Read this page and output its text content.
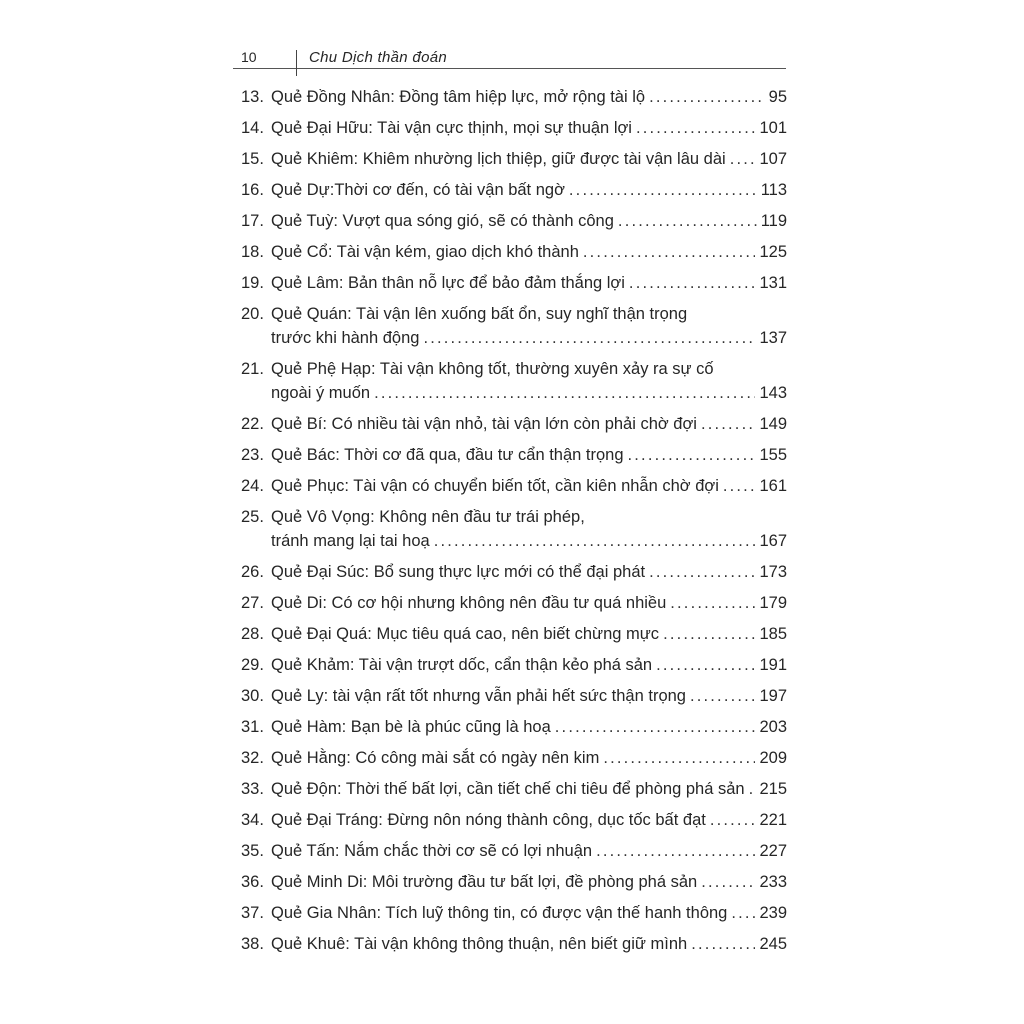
10	Chu Dịch thần đoán
13. Quẻ Đồng Nhân: Đồng tâm hiệp lực, mở rộng tài lộ . . .	95
14. Quẻ Đại Hữu: Tài vận cực thịnh, mọi sự thuận lợi . . .	101
15. Quẻ Khiêm: Khiêm nhường lịch thiệp, giữ được tài vận lâu dài . . . 107
16. Quẻ Dự:Thời cơ đến, có tài vận bất ngờ . . .	113
17. Quẻ Tuỳ: Vượt qua sóng gió, sẽ có thành công . . .	119
18. Quẻ Cổ: Tài vận kém, giao dịch khó thành . . .	125
19. Quẻ Lâm: Bản thân nỗ lực để bảo đảm thắng lợi . . .	131
20. Quẻ Quán: Tài vận lên xuống bất ổn, suy nghĩ thận trọng
trước khi hành động . . .	137
21. Quẻ Phệ Hạp: Tài vận không tốt, thường xuyên xảy ra sự cố
ngoài ý muốn . . .	143
22. Quẻ Bí: Có nhiều tài vận nhỏ, tài vận lớn còn phải chờ đợi . . .	149
23. Quẻ Bác: Thời cơ đã qua, đầu tư cẩn thận trọng . . .	155
24. Quẻ Phục: Tài vận có chuyển biến tốt, cần kiên nhẫn chờ đợi . . . 161
25. Quẻ Vô Vọng: Không nên đầu tư trái phép,
tránh mang lại tai hoạ . . .	167
26. Quẻ Đại Súc: Bổ sung thực lực mới có thể đại phát . . .	173
27. Quẻ Di: Có cơ hội nhưng không nên đầu tư quá nhiều . . .	179
28. Quẻ Đại Quá: Mục tiêu quá cao, nên biết chừng mực . . .	185
29. Quẻ Khảm: Tài vận trượt dốc, cẩn thận kẻo phá sản . . .	191
30. Quẻ Ly: tài vận rất tốt nhưng vẫn phải hết sức thận trọng . . .	197
31. Quẻ Hàm: Bạn bè là phúc cũng là hoạ . . .	203
32. Quẻ Hằng: Có công mài sắt có ngày nên kim . . .	209
33. Quẻ Độn: Thời thế bất lợi, cần tiết chế chi tiêu để phòng phá sản . . . 215
34. Quẻ Đại Tráng: Đừng nôn nóng thành công, dục tốc bất đạt . . .	221
35. Quẻ Tấn: Nắm chắc thời cơ sẽ có lợi nhuận . . .	227
36. Quẻ Minh Di: Môi trường đầu tư bất lợi, đề phòng phá sản . . .	233
37. Quẻ Gia Nhân: Tích luỹ thông tin, có được vận thế hanh thông . . . 239
38. Quẻ Khuê: Tài vận không thông thuận, nên biết giữ mình . . .	245
